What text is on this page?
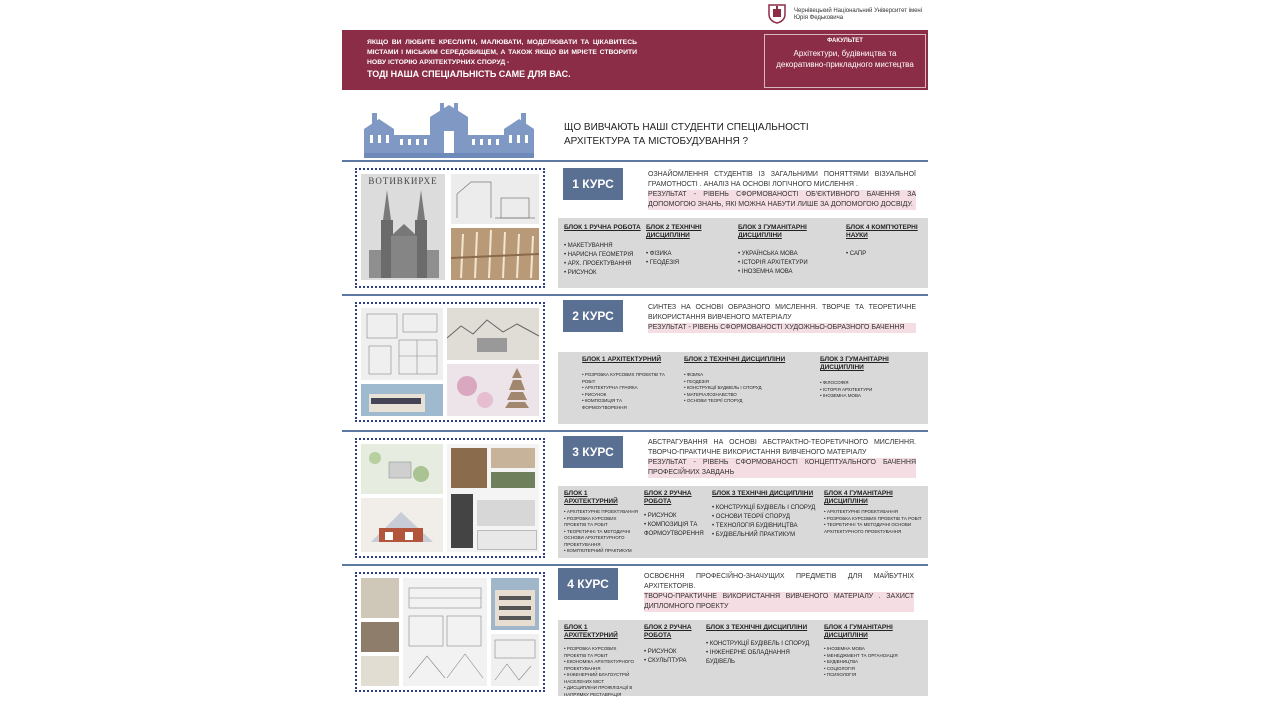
Чернівецький Національний Університет імені Юрія Федьковича
ЯКЩО ВИ ЛЮБИТЕ КРЕСЛИТИ, МАЛЮВАТИ, МОДЕЛЮВАТИ ТА ЦІКАВИТЕСЬ МІСТАМИ І МІСЬКИМ СЕРЕДОВИЩЕМ, А ТАКОЖ ЯКЩО ВИ МРІЄТЕ СТВОРИТИ НОВУ ІСТОРІЮ АРХІТЕКТУРНИХ СПОРУД -
ТОДІ НАША СПЕЦІАЛЬНІСТЬ САМЕ ДЛЯ ВАС.
ФАКУЛЬТЕТ
Архітектури, будівництва та декоративно-прикладного мистецтва
ЩО ВИВЧАЮТЬ НАШІ СТУДЕНТИ СПЕЦІАЛЬНОСТІ АРХІТЕКТУРА ТА МІСТОБУДУВАННЯ ?
ВОТИВКИРХЕ	1 КУРС
ОЗНАЙОМЛЕННЯ СТУДЕНТІВ ІЗ ЗАГАЛЬНИМИ ПОНЯТТЯМИ ВІЗУАЛЬНОЇ ГРАМОТНОСТІ . АНАЛІЗ НА ОСНОВІ ЛОГІЧНОГО МИСЛЕННЯ .
РЕЗУЛЬТАТ - РІВЕНЬ СФОРМОВАНОСТІ ОБ'ЄКТИВНОГО БАЧЕННЯ ЗА ДОПОМОГОЮ ЗНАНЬ, ЯКІ МОЖНА НАБУТИ ЛИШЕ ЗА ДОПОМОГОЮ ДОСВІДУ.
БЛОК 1 РУЧНА РОБОТА
• МАКЕТУВАННЯ
• НАРИСНА ГЕОМЕТРІЯ
• АРХ. ПРОЕКТУВАННЯ
• РИСУНОК
БЛОК 2 ТЕХНІЧНІ ДИСЦИПЛІНИ
• ФІЗИКА
• ГЕОДЕЗІЯ
БЛОК 3 ГУМАНІТАРНІ ДИСЦИПЛІНИ
• УКРАЇНСЬКА МОВА
• ІСТОРІЯ АРХІТЕКТУРИ
• ІНОЗЕМНА МОВА
БЛОК 4 КОМП'ЮТЕРНІ НАУКИ
• САПР
2 КУРС
СИНТЕЗ НА ОСНОВІ ОБРАЗНОГО МИСЛЕННЯ. ТВОРЧЕ ТА ТЕОРЕТИЧНЕ ВИКОРИСТАННЯ ВИВЧЕНОГО МАТЕРІАЛУ
РЕЗУЛЬТАТ - РІВЕНЬ СФОРМОВАНОСТІ ХУДОЖНЬО-ОБРАЗНОГО БАЧЕННЯ
БЛОК 1 АРХІТЕКТУРНИЙ
• РОЗРОБКА КУРСОВИХ ПРОЕКТІВ ТА РОБІТ
• АРХІТЕКТУРНА ГРАФІКА
• РИСУНОК
• КОМПОЗИЦІЯ ТА ФОРМОУТВОРЕННЯ
БЛОК 2 ТЕХНІЧНІ ДИСЦИПЛІНИ
• ФІЗИКА
• ГЕОДЕЗІЯ
• КОНСТРУКЦІЇ БУДІВЕЛЬ І СПОРУД
• МАТЕРІАЛОЗНАВСТВО
• ОСНОВИ ТЕОРІЇ СПОРУД
БЛОК 3 ГУМАНІТАРНІ ДИСЦИПЛІНИ
• ФІЛОСОФІЯ
• ІСТОРІЯ АРХІТЕКТУРИ
• ІНОЗЕМНА МОВА
3 КУРС
АБСТРАГУВАННЯ НА ОСНОВІ АБСТРАКТНО-ТЕОРЕТИЧНОГО МИСЛЕННЯ. ТВОРЧО-ПРАКТИЧНЕ ВИКОРИСТАННЯ ВИВЧЕНОГО МАТЕРІАЛУ
РЕЗУЛЬТАТ - РІВЕНЬ СФОРМОВАНОСТІ КОНЦЕПТУАЛЬНОГО БАЧЕННЯ ПРОФЕСІЙНИХ ЗАВДАНЬ
БЛОК 1 АРХІТЕКТУРНИЙ
• АРХІТЕКТУРНЕ ПРОЕКТУВАННЯ
• РОЗРОБКА КУРСОВИХ ПРОЕКТІВ ТА РОБІТ
• ТЕОРЕТИЧНІ ТА МЕТОДИЧНІ ОСНОВИ АРХІТЕКТУРНОГО ПРОЕКТУВАННЯ
• КОМП'ЮТЕРНИЙ ПРАКТИКУМ
БЛОК 2 РУЧНА РОБОТА
• РИСУНОК
• КОМПОЗИЦІЯ ТА ФОРМОУТВОРЕННЯ
БЛОК 3 ТЕХНІЧНІ ДИСЦИПЛІНИ
• КОНСТРУКЦІЇ БУДІВЕЛЬ І СПОРУД
• ОСНОВИ ТЕОРІЇ СПОРУД
• ТЕХНОЛОГІЯ БУДІВНИЦТВА
• БУДІВЕЛЬНИЙ ПРАКТИКУМ
БЛОК 4 ГУМАНІТАРНІ ДИСЦИПЛІНИ
• АРХІТЕКТУРНЕ ПРОЕКТУВАННЯ
• РОЗРОБКА КУРСОВИХ ПРОЕКТІВ ТА РОБІТ
• ТЕОРЕТИЧНІ ТА МЕТОДИЧНІ ОСНОВИ АРХІТЕКТУРНОГО ПРОЕКТУВАННЯ
4 КУРС
ОСВОЄННЯ ПРОФЕСІЙНО-ЗНАЧУЩИХ ПРЕДМЕТІВ ДЛЯ МАЙБУТНІХ АРХІТЕКТОРІВ.
ТВОРЧО-ПРАКТИЧНЕ ВИКОРИСТАННЯ ВИВЧЕНОГО МАТЕРІАЛУ . ЗАХИСТ ДИПЛОМНОГО ПРОЕКТУ
БЛОК 1 АРХІТЕКТУРНИЙ
• РОЗРОБКА КУРСОВИХ ПРОЕКТІВ ТА РОБІТ
• ЕКОНОМІКА АРХІТЕКТУРНОГО ПРОЕКТУВАННЯ
• ІНЖЕНЕРНИЙ БЛАГОУСТРІЙ НАСЕЛЕНИХ МІСТ
• ДИСЦИПЛІНИ ПРОФІЛІЗАЦІЇ В НАПРЯМКУ РЕСТАВРАЦІЯ
БЛОК 2 РУЧНА РОБОТА
• РИСУНОК
• СКУЛЬПТУРА
БЛОК 3 ТЕХНІЧНІ ДИСЦИПЛІНИ
• КОНСТРУКЦІЇ БУДІВЕЛЬ І СПОРУД
• ІНЖЕНЕРНЕ ОБЛАДНАННЯ БУДІВЕЛЬ
БЛОК 4 ГУМАНІТАРНІ ДИСЦИПЛІНИ
• ІНОЗЕМНА МОВА
• МЕНЕДЖМЕНТ ТА ОРГАНІЗАЦІЯ
• БУДІВНИЦТВА
• СОЦІОЛОГІЯ
• ПСИХОЛОГІЯ
